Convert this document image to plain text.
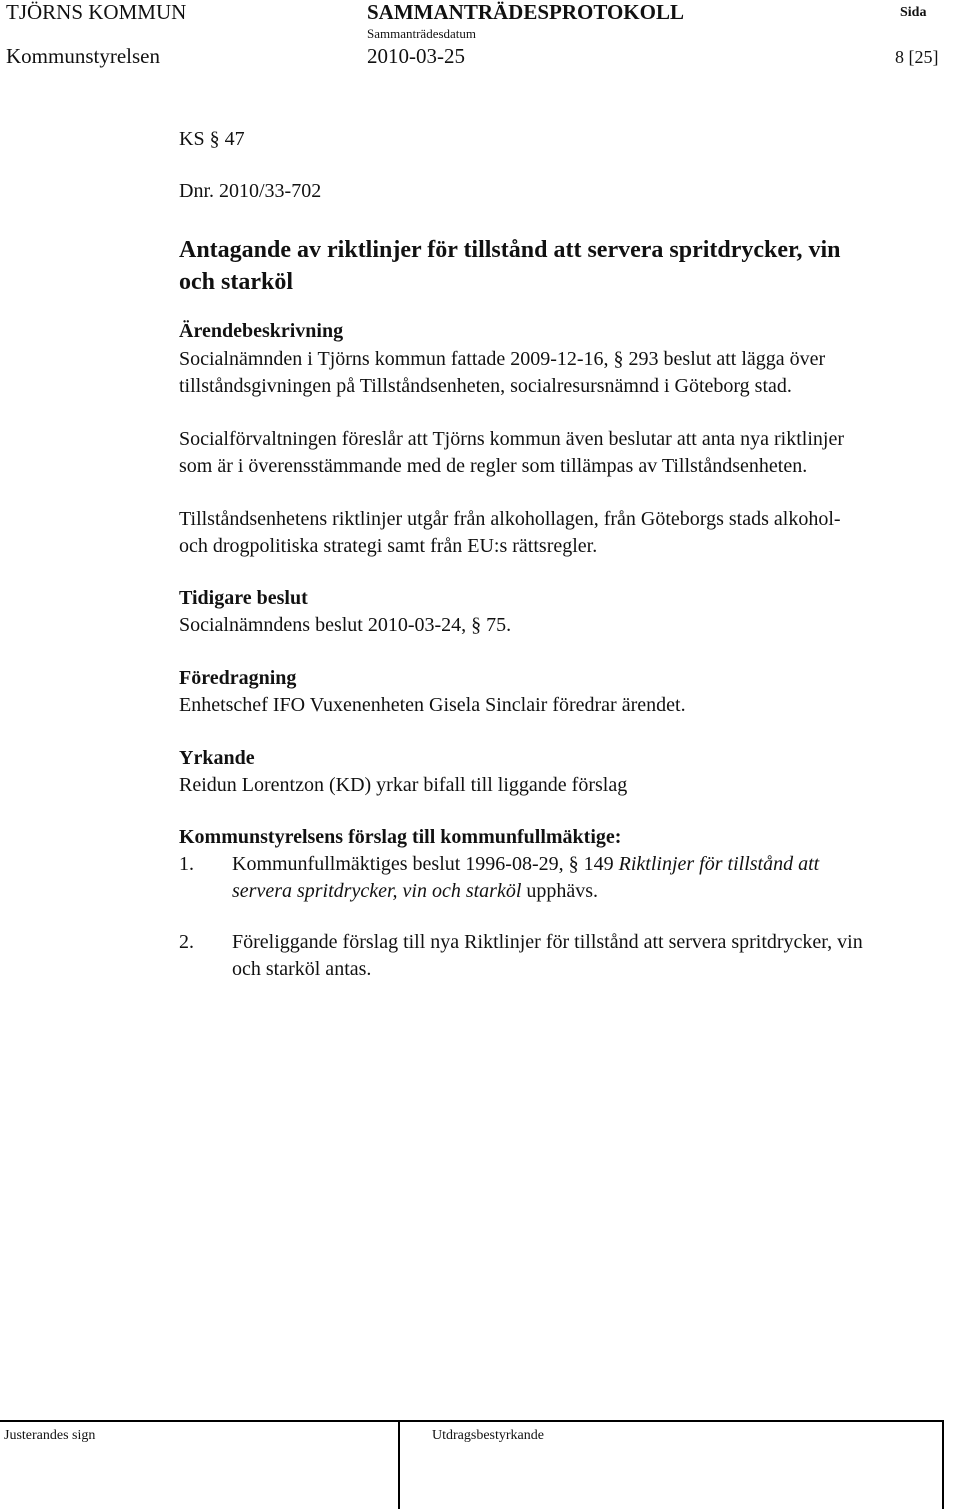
TJÖRNS KOMMUN	SAMMANTRÄDESPROTOKOLL	Sida
Sammanträdesdatum
Kommunstyrelsen	2010-03-25	8 [25]
KS § 47
Dnr. 2010/33-702
Antagande av riktlinjer för tillstånd att servera spritdrycker, vin
och starköl
Ärendebeskrivning
Socialnämnden i Tjörns kommun fattade 2009-12-16, § 293 beslut att lägga över
tillståndsgivningen på Tillståndsenheten, socialresursnämnd i Göteborg stad.
Socialförvaltningen föreslår att Tjörns kommun även beslutar att anta nya riktlinjer
som är i överensstämmande med de regler som tillämpas av Tillståndsenheten.
Tillståndsenhetens riktlinjer utgår från alkohollagen, från Göteborgs stads alkohol-
och drogpolitiska strategi samt från EU:s rättsregler.
Tidigare beslut
Socialnämndens beslut 2010-03-24, § 75.
Föredragning
Enhetschef IFO Vuxenenheten Gisela Sinclair föredrar ärendet.
Yrkande
Reidun Lorentzon (KD) yrkar bifall till liggande förslag
Kommunstyrelsens förslag till kommunfullmäktige:
1. Kommunfullmäktiges beslut 1996-08-29, § 149 Riktlinjer för tillstånd att
servera spritdrycker, vin och starköl upphävs.
2. Föreliggande förslag till nya Riktlinjer för tillstånd att servera spritdrycker, vin
och starköl antas.
Justerandes sign	Utdragsbestyrkande
